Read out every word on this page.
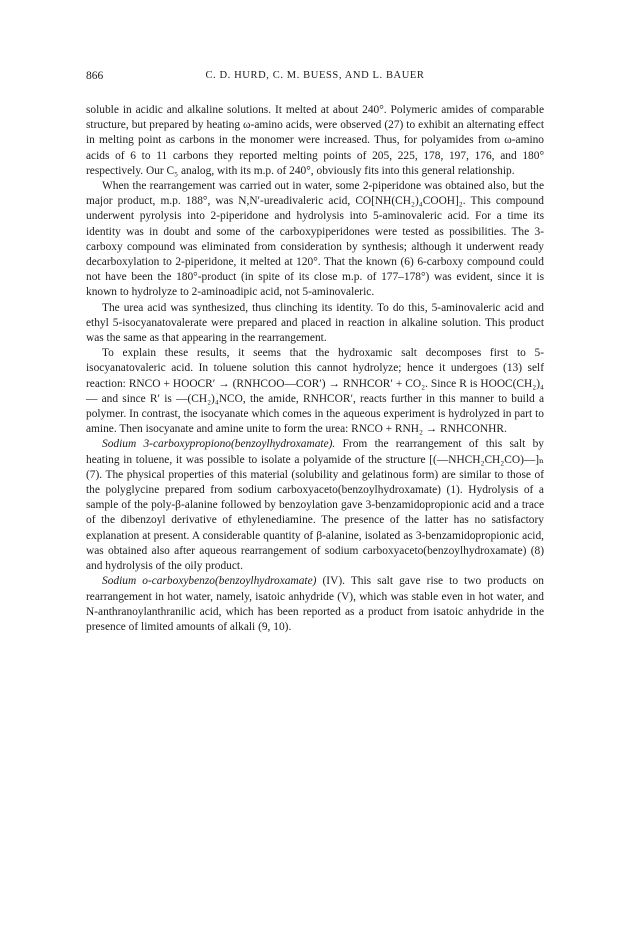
866	C. D. HURD, C. M. BUESS, AND L. BAUER

soluble in acidic and alkaline solutions. It melted at about 240°. Polymeric amides of comparable structure, but prepared by heating ω-amino acids, were observed (27) to exhibit an alternating effect in melting point as carbons in the monomer were increased. Thus, for polyamides from ω-amino acids of 6 to 11 carbons they reported melting points of 205, 225, 178, 197, 176, and 180° respectively. Our C₅ analog, with its m.p. of 240°, obviously fits into this general relationship.

When the rearrangement was carried out in water, some 2-piperidone was obtained also, but the major product, m.p. 188°, was N,N′-ureadivaleric acid, CO[NH(CH₂)₄COOH]₂. This compound underwent pyrolysis into 2-piperidone and hydrolysis into 5-aminovaleric acid. For a time its identity was in doubt and some of the carboxypiperidones were tested as possibilities. The 3-carboxy compound was eliminated from consideration by synthesis; although it underwent ready decarboxylation to 2-piperidone, it melted at 120°. That the known (6) 6-carboxy compound could not have been the 180°-product (in spite of its close m.p. of 177–178°) was evident, since it is known to hydrolyze to 2-aminoadipic acid, not 5-aminovaleric.

The urea acid was synthesized, thus clinching its identity. To do this, 5-aminovaleric acid and ethyl 5-isocyanatovalerate were prepared and placed in reaction in alkaline solution. This product was the same as that appearing in the rearrangement.

To explain these results, it seems that the hydroxamic salt decomposes first to 5-isocyanatovaleric acid. In toluene solution this cannot hydrolyze; hence it undergoes (13) self reaction: RNCO + HOOCR′ → (RNHCOO—COR′) → RNHCOR′ + CO₂. Since R is HOOC(CH₂)₄— and since R′ is —(CH₂)₄NCO, the amide, RNHCOR′, reacts further in this manner to build a polymer. In contrast, the isocyanate which comes in the aqueous experiment is hydrolyzed in part to amine. Then isocyanate and amine unite to form the urea: RNCO + RNH₂ → RNHCONHR.

Sodium 3-carboxypropiono(benzoylhydroxamate). From the rearrangement of this salt by heating in toluene, it was possible to isolate a polyamide of the structure [(—NHCH₂CH₂CO)—]ₙ (7). The physical properties of this material (solubility and gelatinous form) are similar to those of the polyglycine prepared from sodium carboxyaceto(benzoylhydroxamate) (1). Hydrolysis of a sample of the poly-β-alanine followed by benzoylation gave 3-benzamidopropionic acid and a trace of the dibenzoyl derivative of ethylenediamine. The presence of the latter has no satisfactory explanation at present. A considerable quantity of β-alanine, isolated as 3-benzamidopropionic acid, was obtained also after aqueous rearrangement of sodium carboxyaceto(benzoylhydroxamate) (8) and hydrolysis of the oily product.

Sodium o-carboxybenzo(benzoylhydroxamate) (IV). This salt gave rise to two products on rearrangement in hot water, namely, isatoic anhydride (V), which was stable even in hot water, and N-anthranoylanthranilic acid, which has been reported as a product from isatoic anhydride in the presence of limited amounts of alkali (9, 10).
